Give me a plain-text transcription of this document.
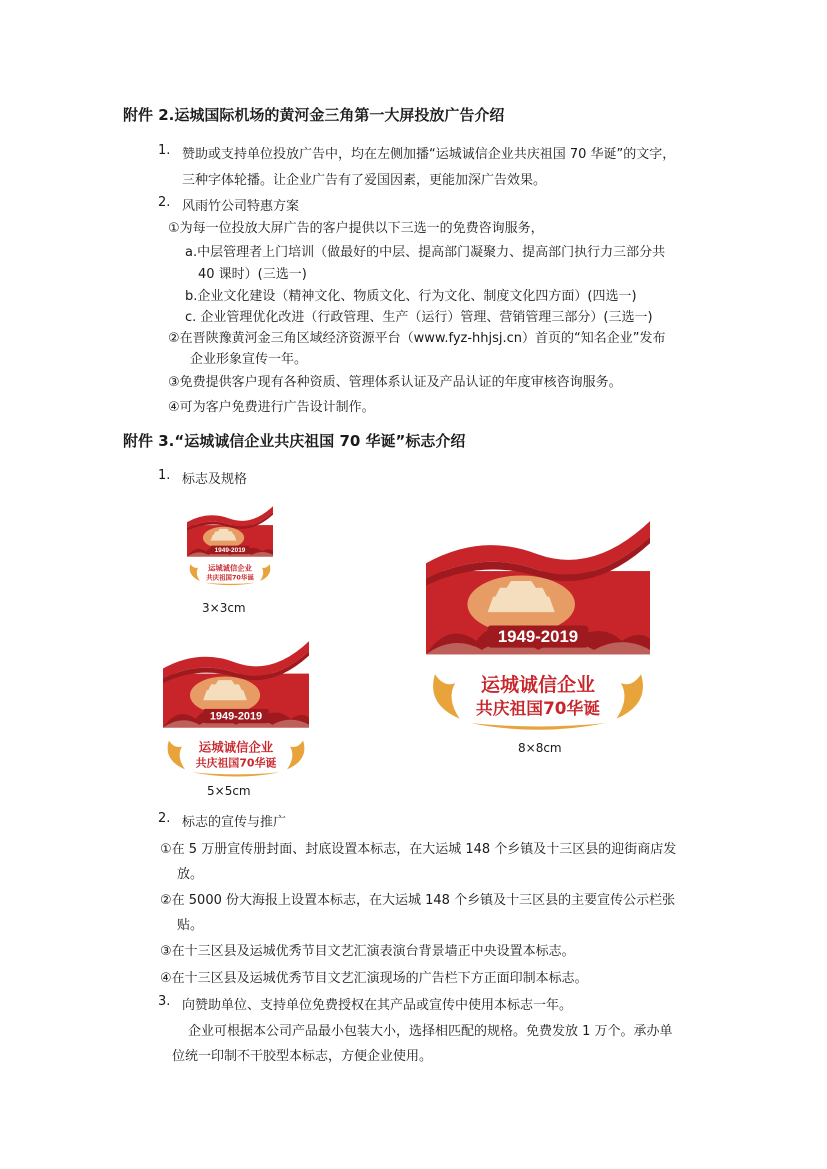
附件 2.运城国际机场的黄河金三角第一大屏投放广告介绍
1. 赞助或支持单位投放广告中，均在左侧加播“运城诚信企业共庆祖国 70 华诞”的文字，
三种字体轮播。让企业广告有了爱国因素，更能加深广告效果。
2. 风雨竹公司特惠方案
①为每一位投放大屏广告的客户提供以下三选一的免费咨询服务，
a.中层管理者上门培训（做最好的中层、提高部门凝聚力、提高部门执行力三部分共
40 课时）(三选一)
b.企业文化建设（精神文化、物质文化、行为文化、制度文化四方面）(四选一)
c. 企业管理优化改进（行政管理、生产（运行）管理、营销管理三部分）(三选一)
②在晋陕豫黄河金三角区域经济资源平台（www.fyz-hhjsj.cn）首页的“知名企业”发布
企业形象宣传一年。
③免费提供客户现有各种资质、管理体系认证及产品认证的年度审核咨询服务。
④可为客户免费进行广告设计制作。
附件 3.“运城诚信企业共庆祖国 70 华诞”标志介绍
1. 标志及规格
1949-2019
运城诚信企业
共庆祖国70华诞
3×3cm
1949-2019
运城诚信企业
共庆祖国70华诞
5×5cm
1949-2019
运城诚信企业
共庆祖国70华诞
8×8cm
2. 标志的宣传与推广
①在 5 万册宣传册封面、封底设置本标志，在大运城 148 个乡镇及十三区县的迎街商店发
放。
②在 5000 份大海报上设置本标志，在大运城 148 个乡镇及十三区县的主要宣传公示栏张
贴。
③在十三区县及运城优秀节目文艺汇演表演台背景墙正中央设置本标志。
④在十三区县及运城优秀节目文艺汇演现场的广告栏下方正面印制本标志。
3. 向赞助单位、支持单位免费授权在其产品或宣传中使用本标志一年。
企业可根据本公司产品最小包装大小，选择相匹配的规格。免费发放 1 万个。承办单
位统一印制不干胶型本标志，方便企业使用。
